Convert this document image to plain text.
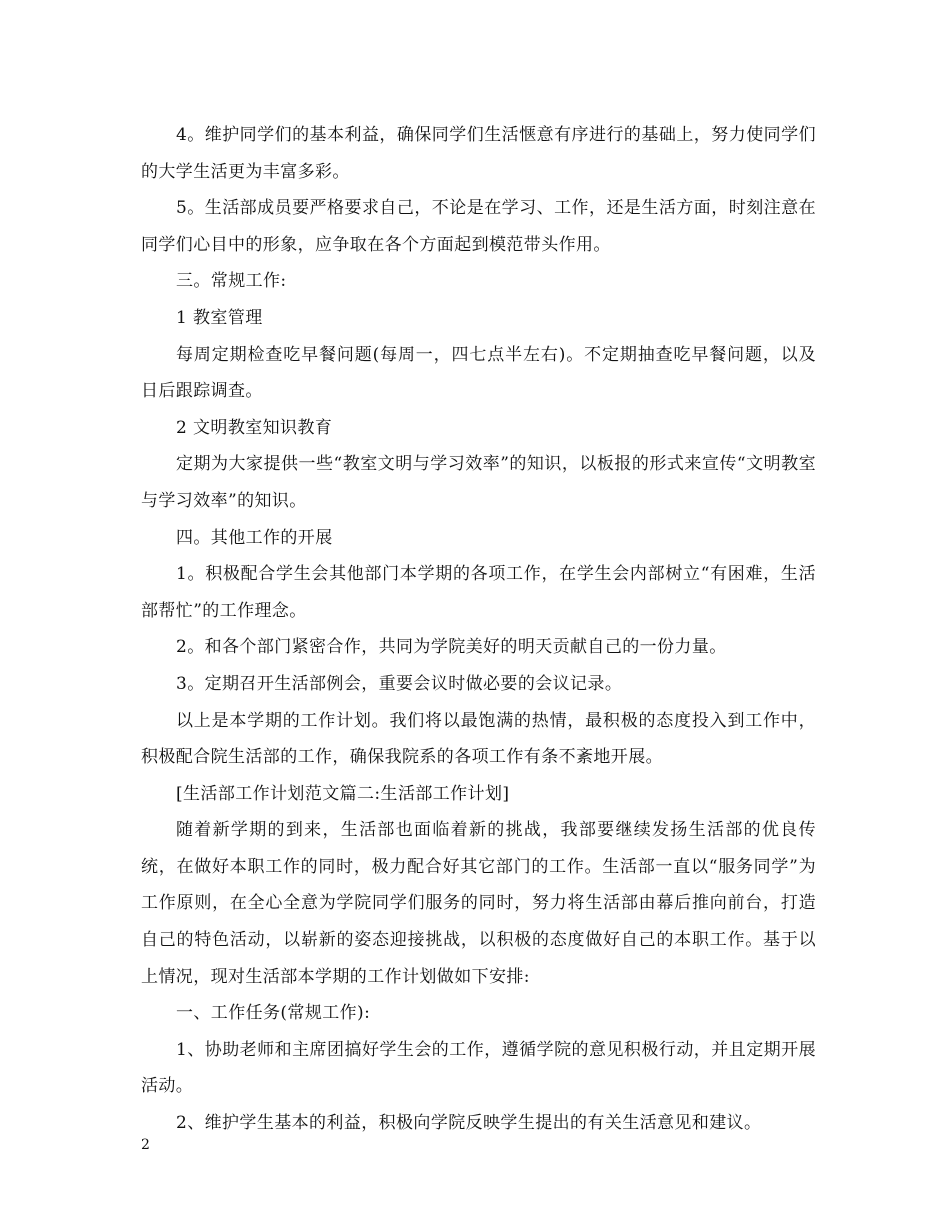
4。维护同学们的基本利益，确保同学们生活惬意有序进行的基础上，努力使同学们的大学生活更为丰富多彩。

5。生活部成员要严格要求自己，不论是在学习、工作，还是生活方面，时刻注意在同学们心目中的形象，应争取在各个方面起到模范带头作用。

三。常规工作:

1 教室管理

每周定期检查吃早餐问题(每周一，四七点半左右)。不定期抽查吃早餐问题，以及日后跟踪调查。

2 文明教室知识教育

定期为大家提供一些“教室文明与学习效率”的知识，以板报的形式来宣传“文明教室与学习效率”的知识。

四。其他工作的开展

1。积极配合学生会其他部门本学期的各项工作，在学生会内部树立“有困难，生活部帮忙”的工作理念。

2。和各个部门紧密合作，共同为学院美好的明天贡献自己的一份力量。

3。定期召开生活部例会，重要会议时做必要的会议记录。

以上是本学期的工作计划。我们将以最饱满的热情，最积极的态度投入到工作中，积极配合院生活部的工作，确保我院系的各项工作有条不紊地开展。

[生活部工作计划范文篇二:生活部工作计划]

随着新学期的到来，生活部也面临着新的挑战，我部要继续发扬生活部的优良传统，在做好本职工作的同时，极力配合好其它部门的工作。生活部一直以“服务同学”为工作原则，在全心全意为学院同学们服务的同时，努力将生活部由幕后推向前台，打造自己的特色活动，以崭新的姿态迎接挑战，以积极的态度做好自己的本职工作。基于以上情况，现对生活部本学期的工作计划做如下安排:

一、工作任务(常规工作):

1、协助老师和主席团搞好学生会的工作，遵循学院的意见积极行动，并且定期开展活动。

2、维护学生基本的利益，积极向学院反映学生提出的有关生活意见和建议。

2
